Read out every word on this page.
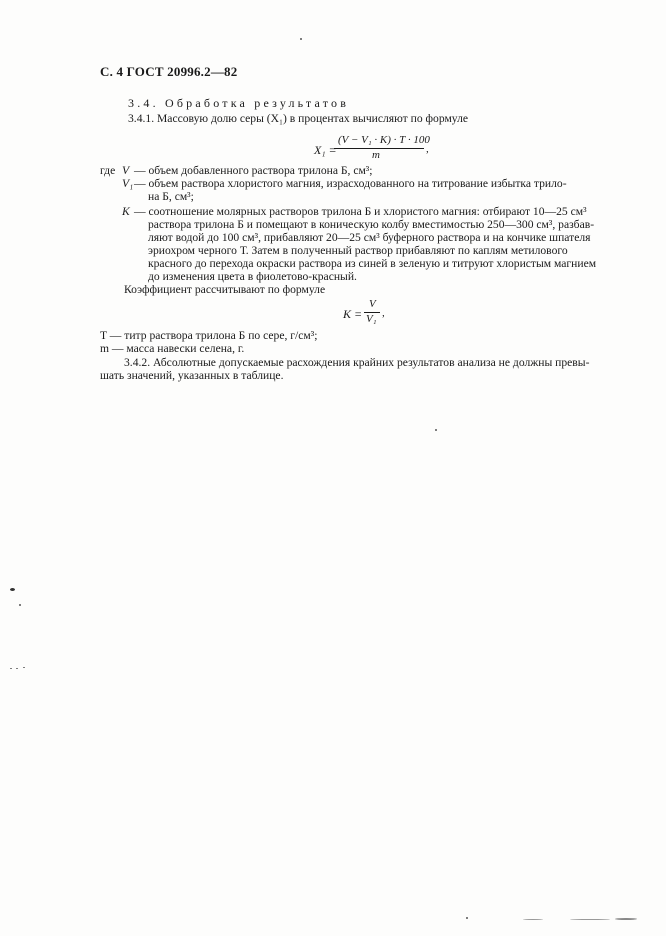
С. 4 ГОСТ 20996.2—82
3.4. Обработка результатов
3.4.1. Массовую долю серы (X₁) в процентах вычисляют по формуле
X₁ =
(V − V₁ · K) · T · 100
m	,
где V — объем добавленного раствора трилона Б, см³;
V₁ — объем раствора хлористого магния, израсходованного на титрование избытка трило-
на Б, см³;
K — соотношение молярных растворов трилона Б и хлористого магния: отбирают 10—25 см³
раствора трилона Б и помещают в коническую колбу вместимостью 250—300 см³, разбав-
ляют водой до 100 см³, прибавляют 20—25 см³ буферного раствора и на кончике шпателя
эриохром черного Т. Затем в полученный раствор прибавляют по каплям метилового
красного до перехода окраски раствора из синей в зеленую и титруют хлористым магнием
до изменения цвета в фиолетово-красный.
Коэффициент рассчитывают по формуле
K =
V
V₁ ,
T — титр раствора трилона Б по сере, г/см³;
m — масса навески селена, г.
3.4.2. Абсолютные допускаемые расхождения крайних результатов анализа не должны превы-
шать значений, указанных в таблице.
